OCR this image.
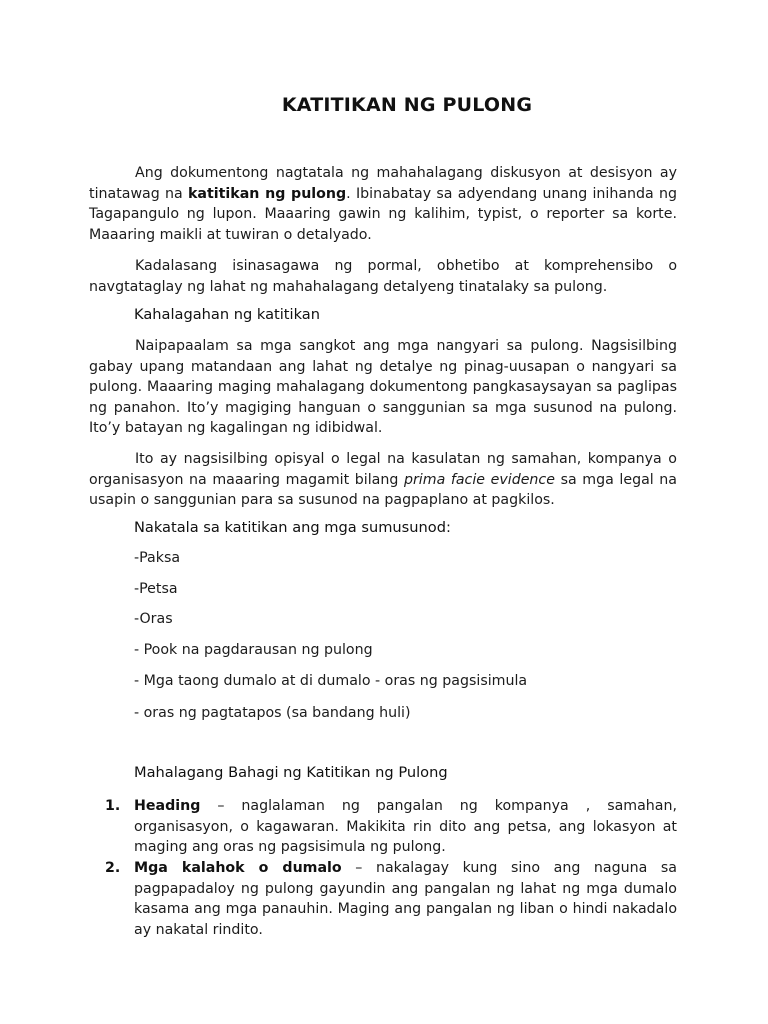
KATITIKAN NG PULONG
Ang dokumentong nagtatala ng mahahalagang diskusyon at desisyon ay tinatawag na katitikan ng pulong. Ibinabatay sa adyendang unang inihanda ng Tagapangulo ng lupon. Maaaring gawin ng kalihim, typist, o reporter sa korte. Maaaring maikli at tuwiran o detalyado.
Kadalasang isinasagawa ng pormal, obhetibo at komprehensibo o navgtataglay ng lahat ng mahahalagang detalyeng tinatalaky sa pulong.
Kahalagahan ng katitikan
Naipapaalam sa mga sangkot ang mga nangyari sa pulong. Nagsisilbing gabay upang matandaan ang lahat ng detalye ng pinag-uusapan o nangyari sa pulong. Maaaring maging mahalagang dokumentong pangkasaysayan sa paglipas ng panahon. Ito’y magiging hanguan o sanggunian sa mga susunod na pulong. Ito’y batayan ng kagalingan ng idibidwal.
Ito ay nagsisilbing opisyal o legal na kasulatan ng samahan, kompanya o organisasyon na maaaring magamit bilang prima facie evidence sa mga legal na usapin o sanggunian para sa susunod na pagpaplano at pagkilos.
Nakatala sa katitikan ang mga sumusunod:
-Paksa
-Petsa
-Oras
- Pook na pagdarausan ng pulong
- Mga taong dumalo at di dumalo - oras ng pagsisimula
- oras ng pagtatapos (sa bandang huli)
Mahalagang Bahagi ng Katitikan ng Pulong
1. Heading – naglalaman ng pangalan ng kompanya , samahan, organisasyon, o kagawaran. Makikita rin dito ang petsa, ang lokasyon at maging ang oras ng pagsisimula ng pulong.
2. Mga kalahok o dumalo – nakalagay kung sino ang naguna sa pagpapadaloy ng pulong gayundin ang pangalan ng lahat ng mga dumalo kasama ang mga panauhin. Maging ang pangalan ng liban o hindi nakadalo ay nakatal rindito.
